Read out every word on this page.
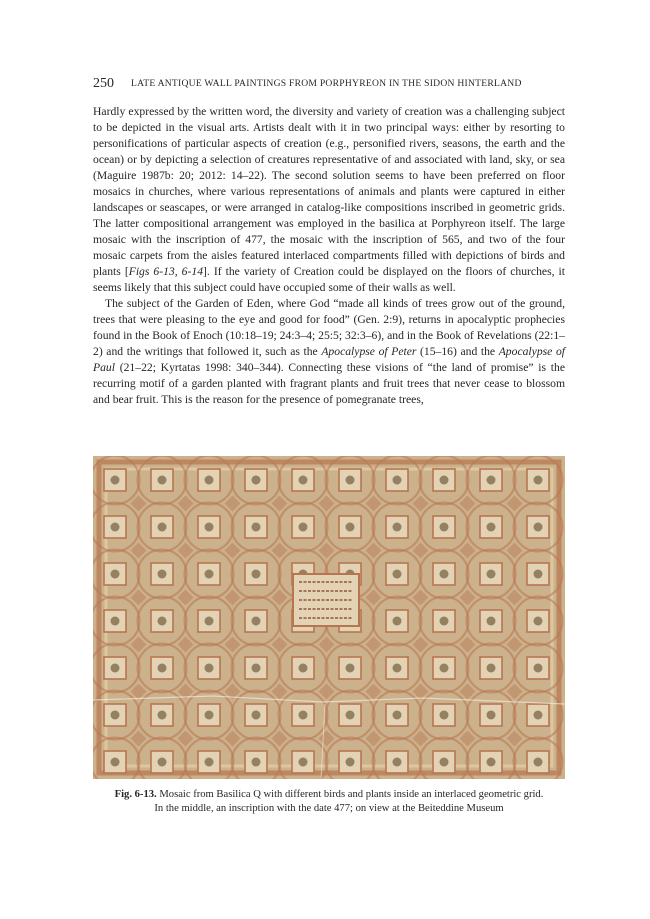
250 LATE ANTIQUE WALL PAINTINGS FROM PORPHYREON IN THE SIDON HINTERLAND

Hardly expressed by the written word, the diversity and variety of creation was a challenging subject to be depicted in the visual arts. Artists dealt with it in two principal ways: either by resorting to personifications of particular aspects of creation (e.g., personified rivers, seasons, the earth and the ocean) or by depicting a selection of creatures representative of and associated with land, sky, or sea (Maguire 1987b: 20; 2012: 14–22). The second solution seems to have been preferred on floor mosaics in churches, where various representations of animals and plants were captured in either landscapes or seascapes, or were arranged in catalog-like compositions inscribed in geometric grids. The latter compositional arrangement was employed in the basilica at Porphyreon itself. The large mosaic with the inscription of 477, the mosaic with the inscription of 565, and two of the four mosaic carpets from the aisles featured interlaced compartments filled with depictions of birds and plants [Figs 6-13, 6-14]. If the variety of Creation could be displayed on the floors of churches, it seems likely that this subject could have occupied some of their walls as well.

The subject of the Garden of Eden, where God “made all kinds of trees grow out of the ground, trees that were pleasing to the eye and good for food” (Gen. 2:9), returns in apocalyptic prophecies found in the Book of Enoch (10:18–19; 24:3–4; 25:5; 32:3–6), and in the Book of Revelations (22:1–2) and the writings that followed it, such as the Apocalypse of Peter (15–16) and the Apocalypse of Paul (21–22; Kyrtatas 1998: 340–344). Connecting these visions of “the land of promise” is the recurring motif of a garden planted with fragrant plants and fruit trees that never cease to blossom and bear fruit. This is the reason for the presence of pomegranate trees,

Fig. 6-13. Mosaic from Basilica Q with different birds and plants inside an interlaced geometric grid.
In the middle, an inscription with the date 477; on view at the Beiteddine Museum
